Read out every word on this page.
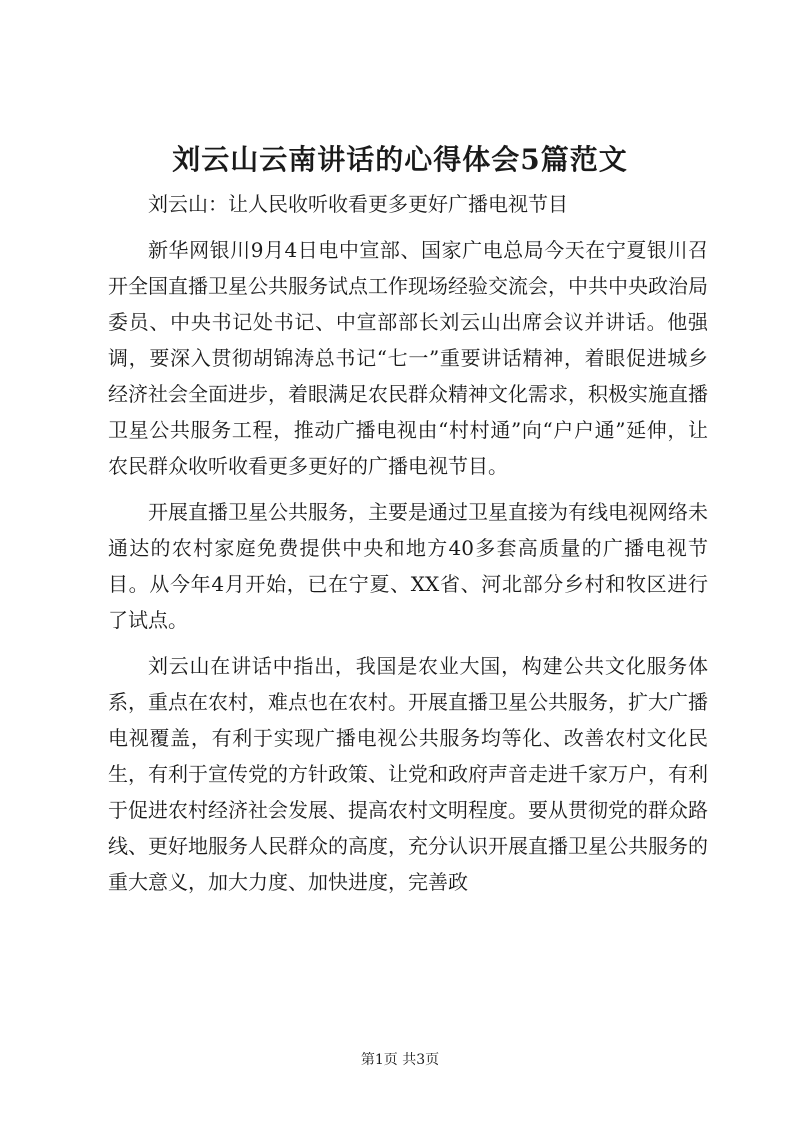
刘云山云南讲话的心得体会5篇范文

刘云山：让人民收听收看更多更好广播电视节目

新华网银川9月4日电中宣部、国家广电总局今天在宁夏银川召开全国直播卫星公共服务试点工作现场经验交流会，中共中央政治局委员、中央书记处书记、中宣部部长刘云山出席会议并讲话。他强调，要深入贯彻胡锦涛总书记“七一”重要讲话精神，着眼促进城乡经济社会全面进步，着眼满足农民群众精神文化需求，积极实施直播卫星公共服务工程，推动广播电视由“村村通”向“户户通”延伸，让农民群众收听收看更多更好的广播电视节目。

开展直播卫星公共服务，主要是通过卫星直接为有线电视网络未通达的农村家庭免费提供中央和地方40多套高质量的广播电视节目。从今年4月开始，已在宁夏、XX省、河北部分乡村和牧区进行了试点。

刘云山在讲话中指出，我国是农业大国，构建公共文化服务体系，重点在农村，难点也在农村。开展直播卫星公共服务，扩大广播电视覆盖，有利于实现广播电视公共服务均等化、改善农村文化民生，有利于宣传党的方针政策、让党和政府声音走进千家万户，有利于促进农村经济社会发展、提高农村文明程度。要从贯彻党的群众路线、更好地服务人民群众的高度，充分认识开展直播卫星公共服务的重大意义，加大力度、加快进度，完善政

第1页 共3页
